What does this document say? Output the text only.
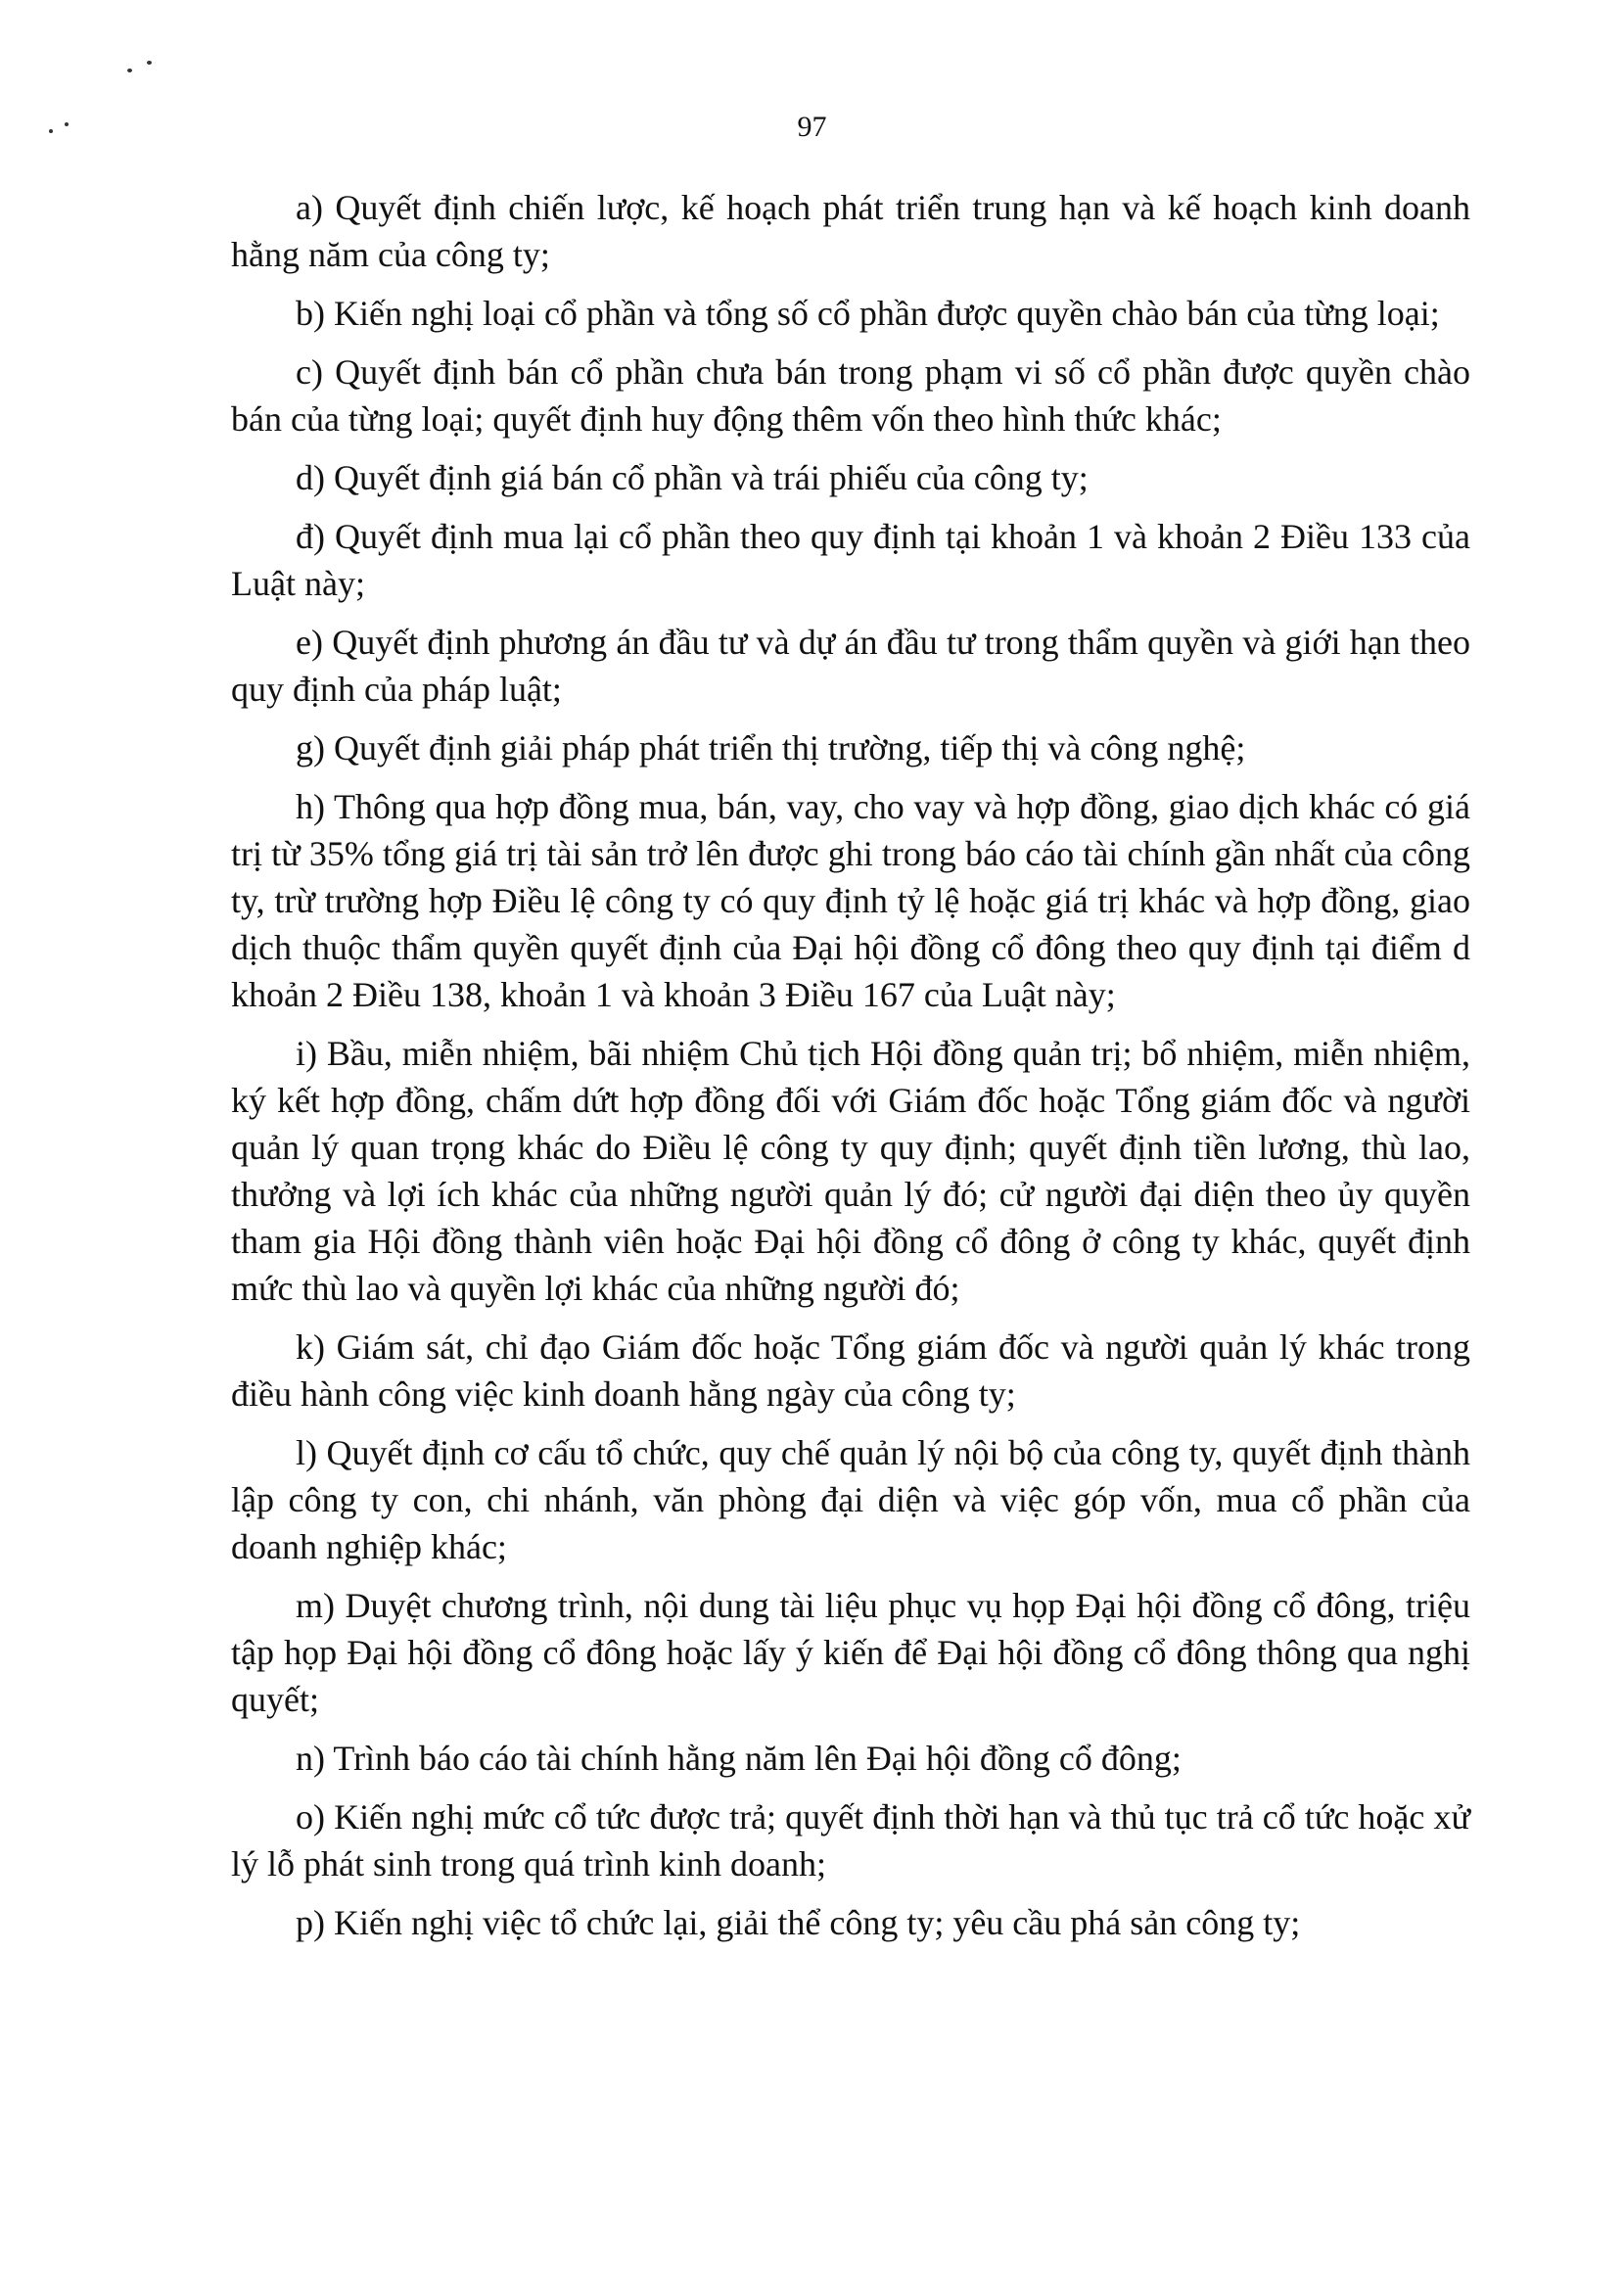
97

a) Quyết định chiến lược, kế hoạch phát triển trung hạn và kế hoạch kinh doanh hằng năm của công ty;

b) Kiến nghị loại cổ phần và tổng số cổ phần được quyền chào bán của từng loại;

c) Quyết định bán cổ phần chưa bán trong phạm vi số cổ phần được quyền chào bán của từng loại; quyết định huy động thêm vốn theo hình thức khác;

d) Quyết định giá bán cổ phần và trái phiếu của công ty;

đ) Quyết định mua lại cổ phần theo quy định tại khoản 1 và khoản 2 Điều 133 của Luật này;

e) Quyết định phương án đầu tư và dự án đầu tư trong thẩm quyền và giới hạn theo quy định của pháp luật;

g) Quyết định giải pháp phát triển thị trường, tiếp thị và công nghệ;

h) Thông qua hợp đồng mua, bán, vay, cho vay và hợp đồng, giao dịch khác có giá trị từ 35% tổng giá trị tài sản trở lên được ghi trong báo cáo tài chính gần nhất của công ty, trừ trường hợp Điều lệ công ty có quy định tỷ lệ hoặc giá trị khác và hợp đồng, giao dịch thuộc thẩm quyền quyết định của Đại hội đồng cổ đông theo quy định tại điểm d khoản 2 Điều 138, khoản 1 và khoản 3 Điều 167 của Luật này;

i) Bầu, miễn nhiệm, bãi nhiệm Chủ tịch Hội đồng quản trị; bổ nhiệm, miễn nhiệm, ký kết hợp đồng, chấm dứt hợp đồng đối với Giám đốc hoặc Tổng giám đốc và người quản lý quan trọng khác do Điều lệ công ty quy định; quyết định tiền lương, thù lao, thưởng và lợi ích khác của những người quản lý đó; cử người đại diện theo ủy quyền tham gia Hội đồng thành viên hoặc Đại hội đồng cổ đông ở công ty khác, quyết định mức thù lao và quyền lợi khác của những người đó;

k) Giám sát, chỉ đạo Giám đốc hoặc Tổng giám đốc và người quản lý khác trong điều hành công việc kinh doanh hằng ngày của công ty;

l) Quyết định cơ cấu tổ chức, quy chế quản lý nội bộ của công ty, quyết định thành lập công ty con, chi nhánh, văn phòng đại diện và việc góp vốn, mua cổ phần của doanh nghiệp khác;

m) Duyệt chương trình, nội dung tài liệu phục vụ họp Đại hội đồng cổ đông, triệu tập họp Đại hội đồng cổ đông hoặc lấy ý kiến để Đại hội đồng cổ đông thông qua nghị quyết;

n) Trình báo cáo tài chính hằng năm lên Đại hội đồng cổ đông;

o) Kiến nghị mức cổ tức được trả; quyết định thời hạn và thủ tục trả cổ tức hoặc xử lý lỗ phát sinh trong quá trình kinh doanh;

p) Kiến nghị việc tổ chức lại, giải thể công ty; yêu cầu phá sản công ty;
